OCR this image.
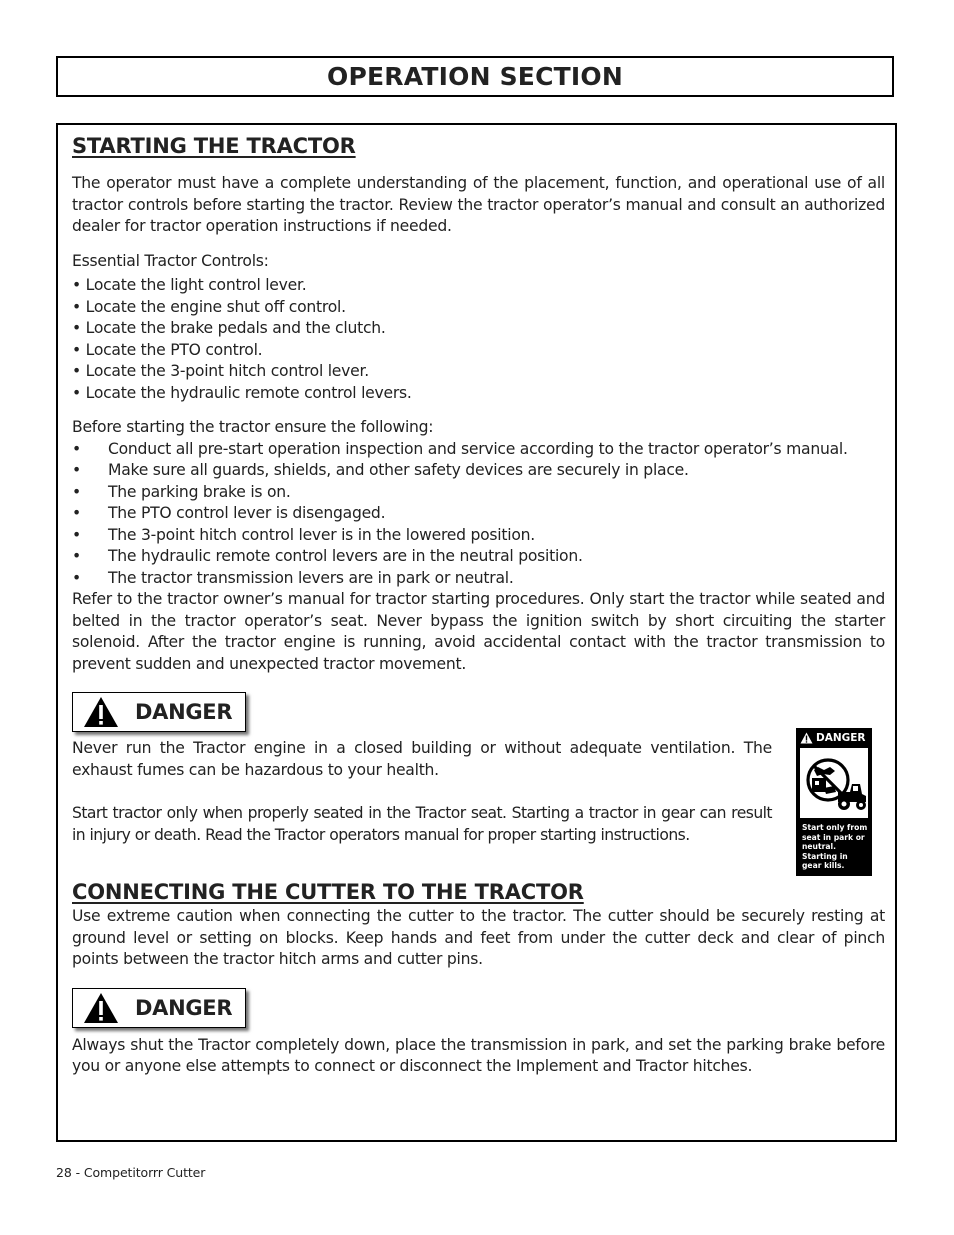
OPERATION SECTION
STARTING THE TRACTOR

The operator must have a complete understanding of the placement, function, and operational use of all tractor controls before starting the tractor. Review the tractor operator’s manual and consult an authorized dealer for tractor operation instructions if needed.

Essential Tractor Controls:

• Locate the light control lever.
• Locate the engine shut off control.
• Locate the brake pedals and the clutch.
• Locate the PTO control.
• Locate the 3-point hitch control lever.
• Locate the hydraulic remote control levers.

Before starting the tractor ensure the following:

•	Conduct all pre-start operation inspection and service according to the tractor operator’s manual.
•	Make sure all guards, shields, and other safety devices are securely in place.
•	The parking brake is on.
•	The PTO control lever is disengaged.
•	The 3-point hitch control lever is in the lowered position.
•	The hydraulic remote control levers are in the neutral position.
•	The tractor transmission levers are in park or neutral.

Refer to the tractor owner’s manual for tractor starting procedures. Only start the tractor while seated and belted in the tractor operator’s seat. Never bypass the ignition switch by short circuiting the starter solenoid. After the tractor engine is running, avoid accidental contact with the tractor transmission to prevent sudden and unexpected tractor movement.

DANGER

Never run the Tractor engine in a closed building or without adequate ventilation. The exhaust fumes can be hazardous to your health.

Start tractor only when properly seated in the Tractor seat. Starting a tractor in gear can result in injury or death. Read the Tractor operators manual for proper starting instructions.

DANGER
Start only from
seat in park or
neutral.
Starting in
gear kills.
CONNECTING THE CUTTER TO THE TRACTOR

Use extreme caution when connecting the cutter to the tractor. The cutter should be securely resting at ground level or setting on blocks. Keep hands and feet from under the cutter deck and clear of pinch points between the tractor hitch arms and cutter pins.

DANGER

Always shut the Tractor completely down, place the transmission in park, and set the parking brake before you or anyone else attempts to connect or disconnect the Implement and Tractor hitches.

28 - Competitorrr Cutter
